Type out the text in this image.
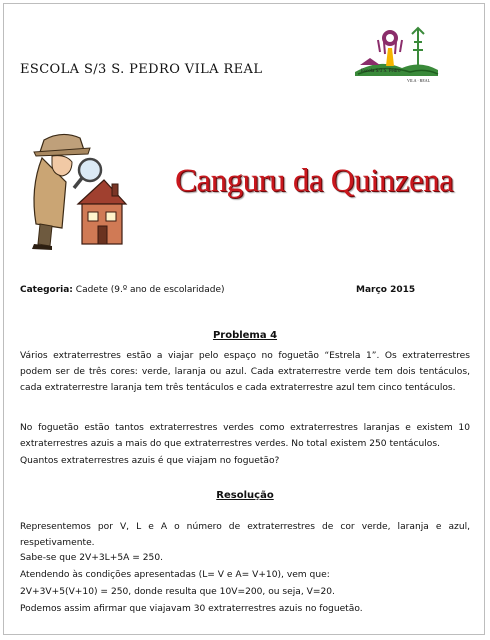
ESCOLA S/3 S. PEDRO VILA REAL	Escola S/3 S. Pedro
VILA · REAL
Canguru da Quinzena
Categoria: Cadete (9.º ano de escolaridade)	Março 2015
Problema 4
Vários extraterrestres estão a viajar pelo espaço no foguetão “Estrela 1”. Os extraterrestres podem ser de três cores: verde, laranja ou azul. Cada extraterrestre verde tem dois tentáculos, cada extraterrestre laranja tem três tentáculos e cada extraterrestre azul tem cinco tentáculos.
No foguetão estão tantos extraterrestres verdes como extraterrestres laranjas e existem 10 extraterrestres azuis a mais do que extraterrestres verdes. No total existem 250 tentáculos.
Quantos extraterrestres azuis é que viajam no foguetão?
Resolução
Representemos por V, L e A o número de extraterrestres de cor verde, laranja e azul, respetivamente.
Sabe-se que 2V+3L+5A = 250.
Atendendo às condições apresentadas (L= V e A= V+10), vem que:
2V+3V+5(V+10) = 250, donde resulta que 10V=200, ou seja, V=20.
Podemos assim afirmar que viajavam 30 extraterrestres azuis no foguetão.
